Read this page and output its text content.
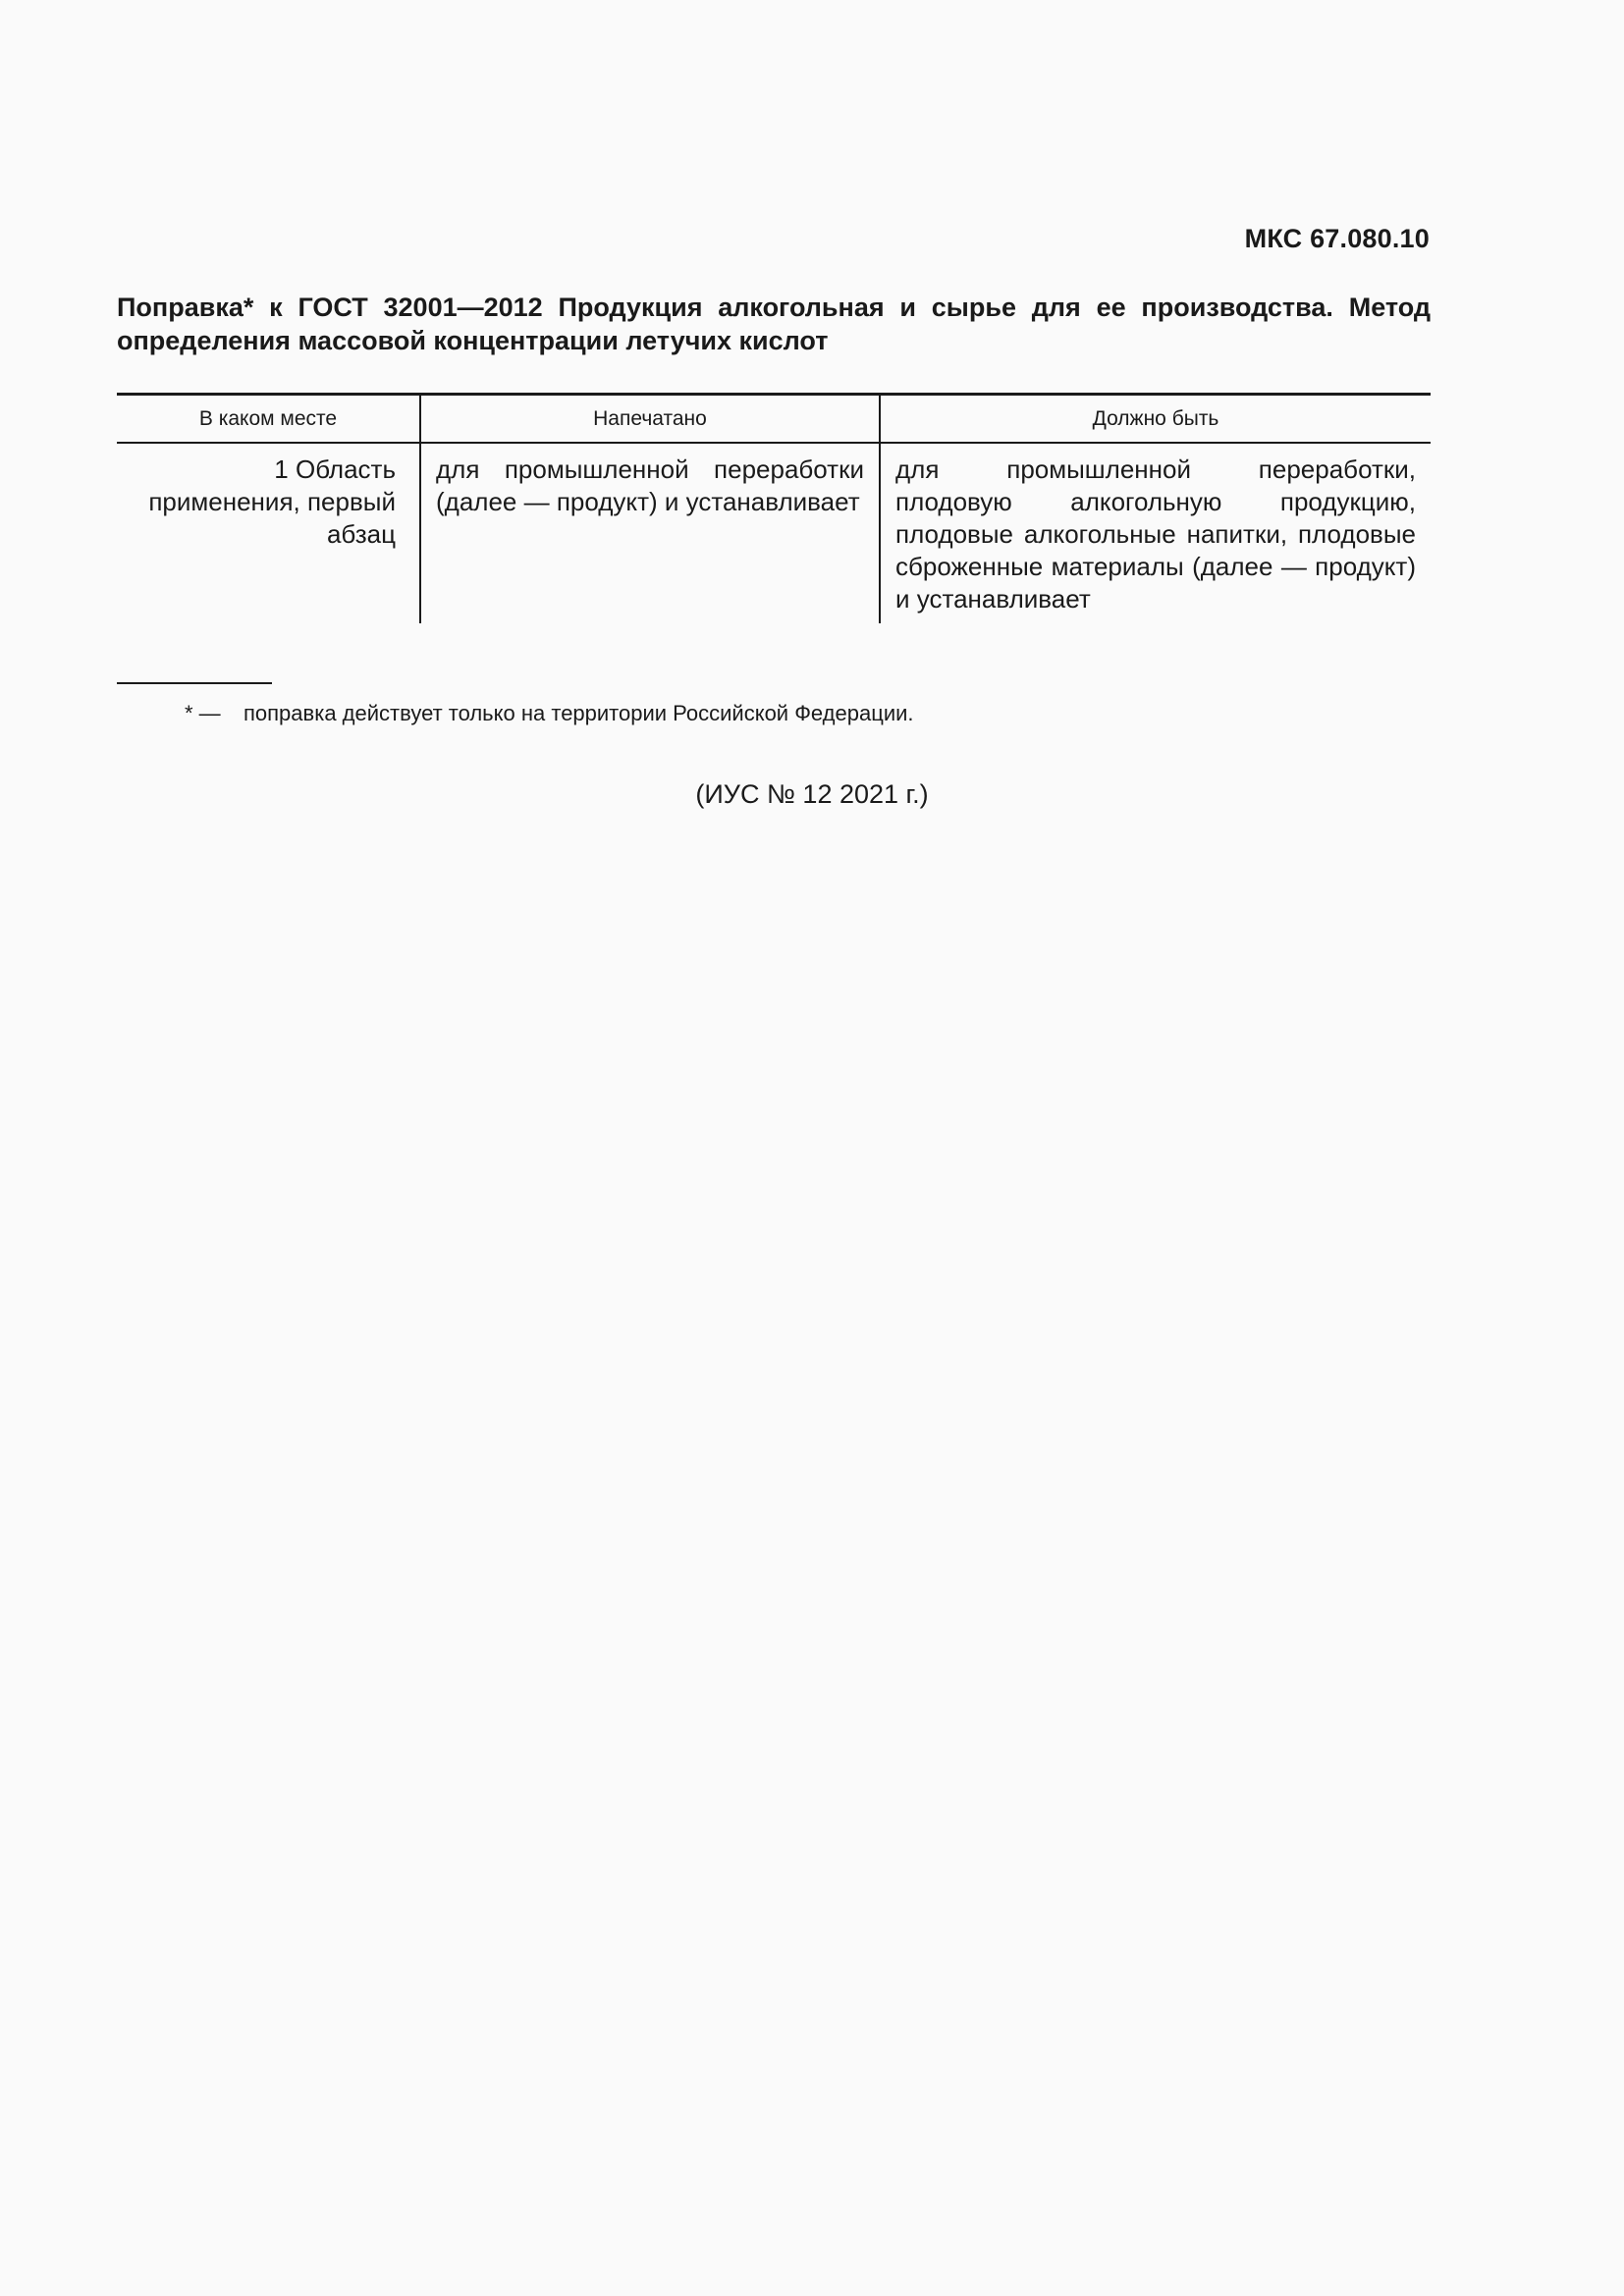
МКС 67.080.10
Поправка* к ГОСТ 32001—2012 Продукция алкогольная и сырье для ее производства. Метод определения массовой концентрации летучих кислот
В каком месте	Напечатано	Должно быть
1 Область применения, первый абзац	для промышленной переработки (далее — продукт) и устанавливает	для промышленной переработки, плодовую алкогольную продукцию, плодовые алкогольные напитки, плодовые сброженные материалы (далее — продукт) и устанавливает
* — поправка действует только на территории Российской Федерации.
(ИУС № 12 2021 г.)
